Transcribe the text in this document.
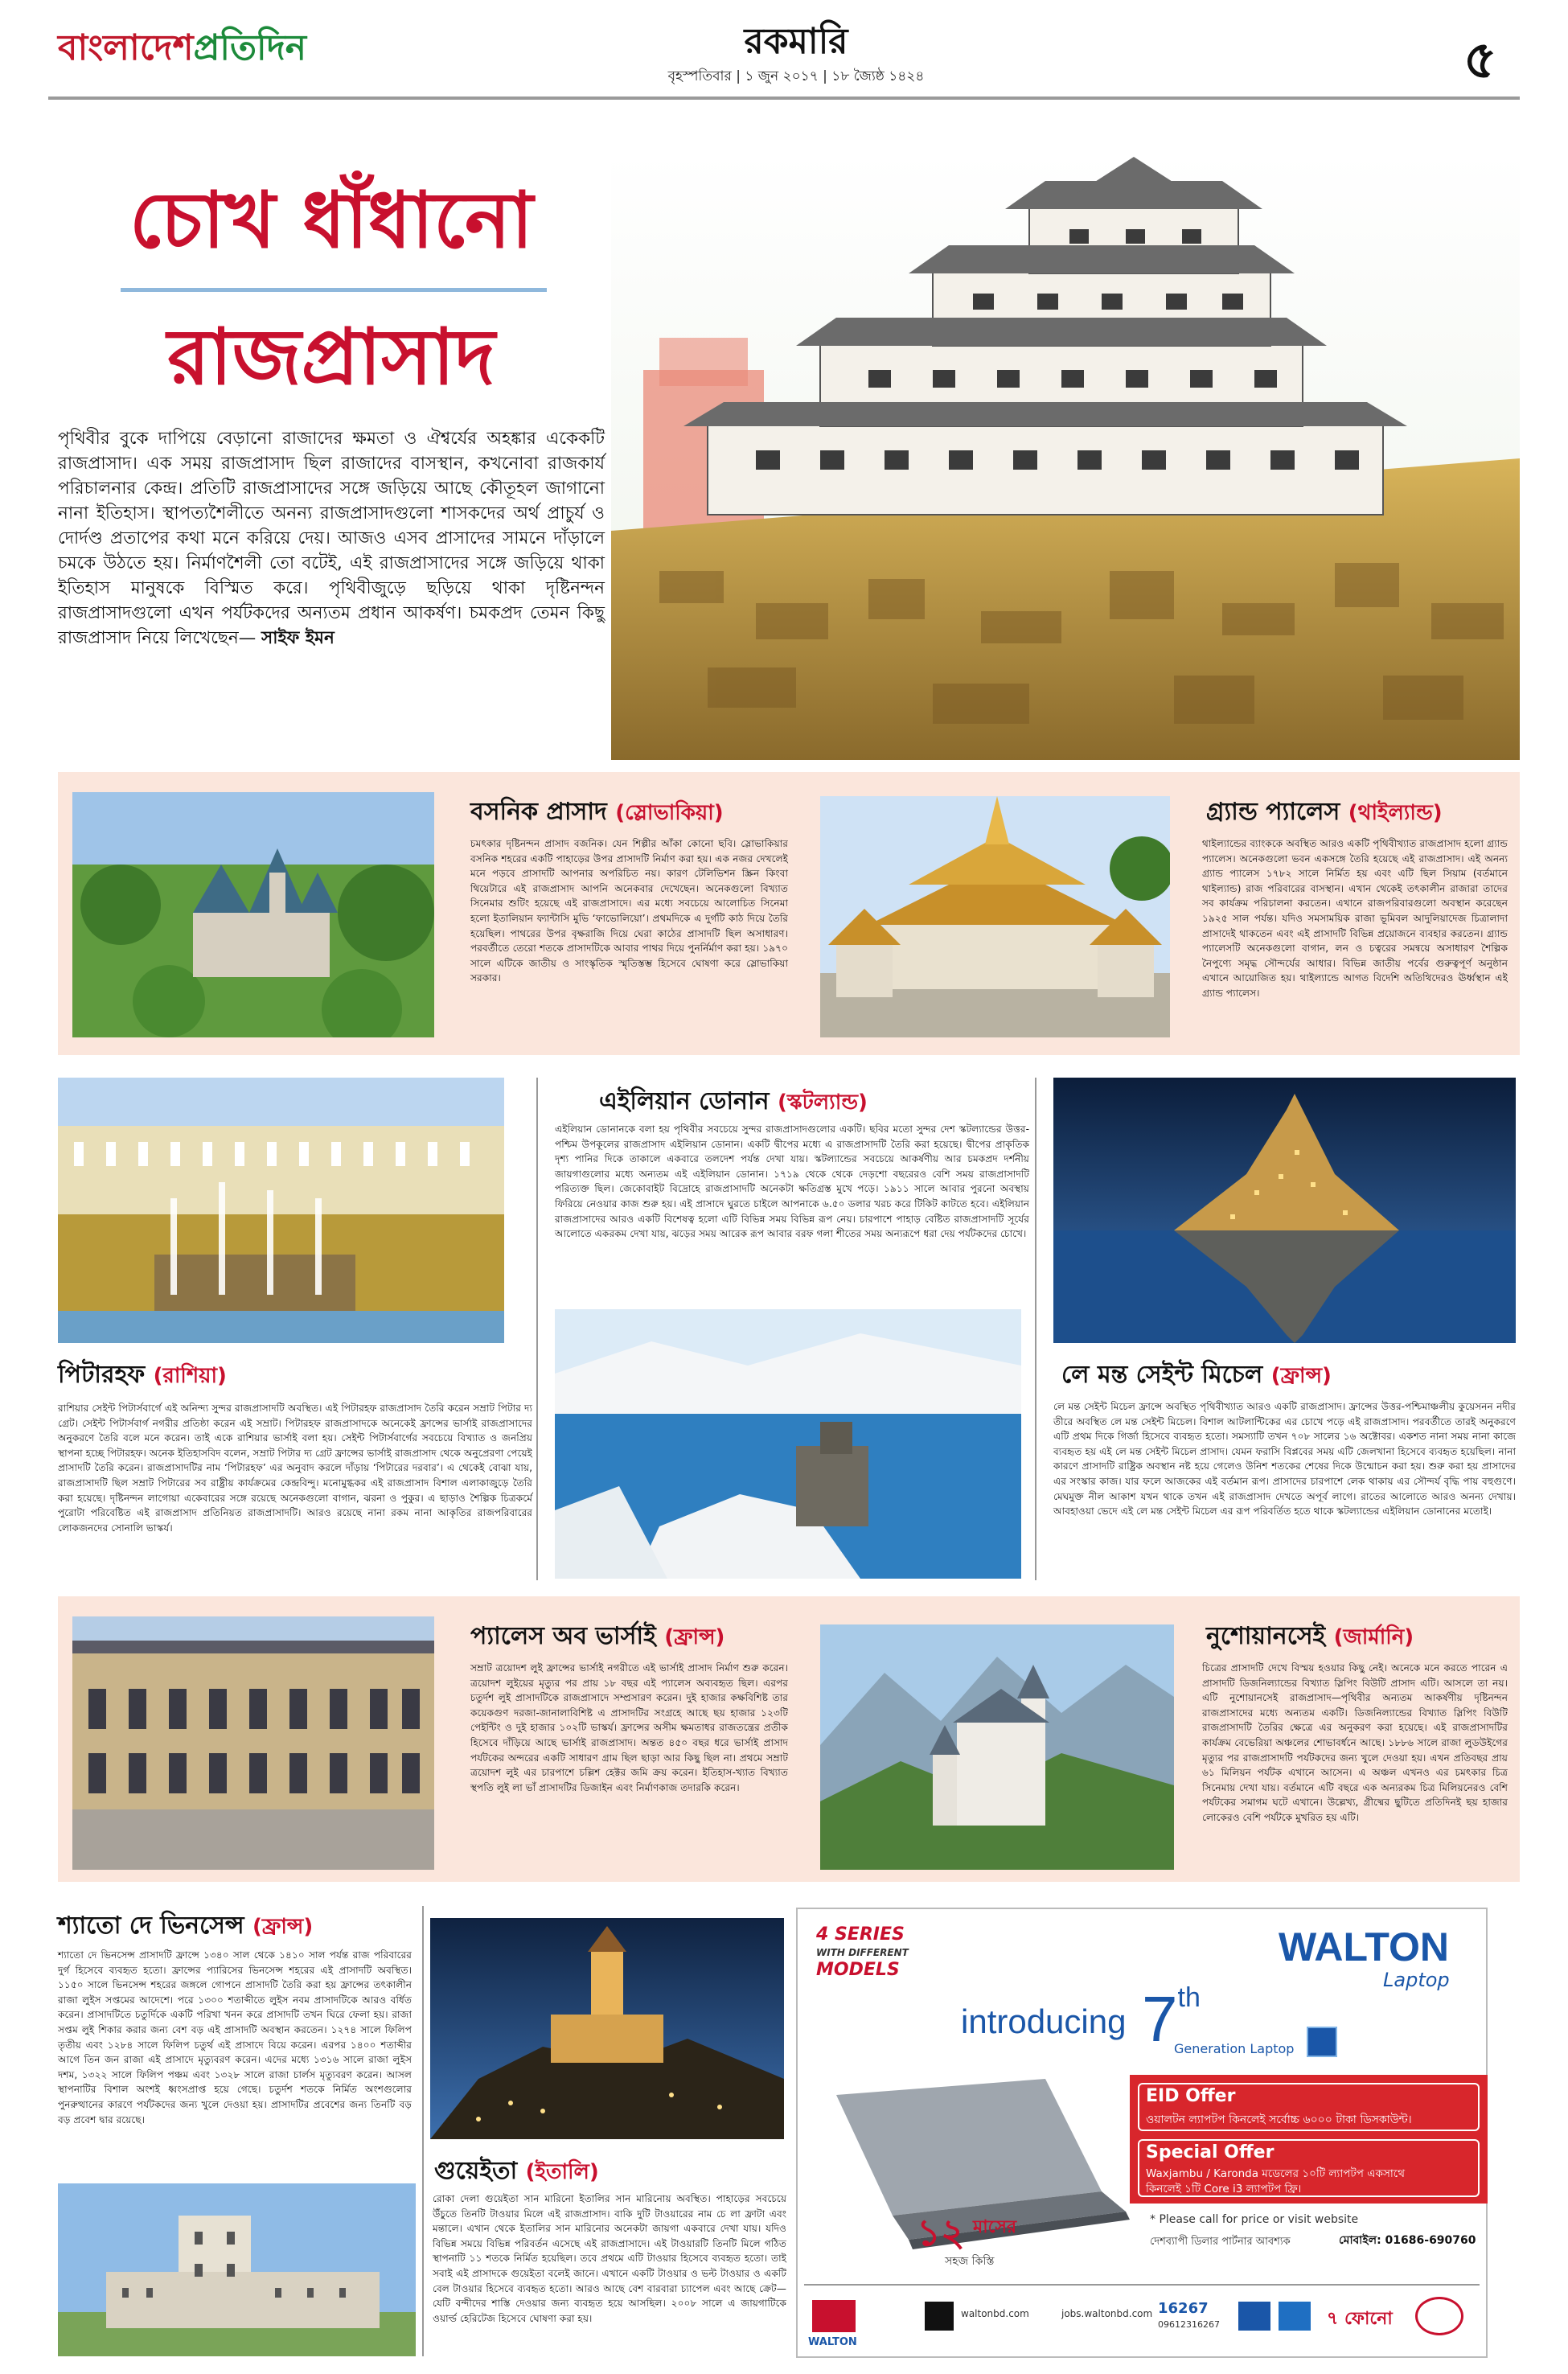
বাংলাদেশপ্রতিদিন	রকমারি
বৃহস্পতিবার | ১ জুন ২০১৭ | ১৮ জ্যৈষ্ঠ ১৪২৪	৫
চোখ ধাঁধানো
রাজপ্রাসাদ
পৃথিবীর বুকে দাপিয়ে বেড়ানো রাজাদের ক্ষমতা ও ঐশ্বর্যের অহঙ্কার একেকটি রাজপ্রাসাদ। এক সময় রাজপ্রাসাদ ছিল রাজাদের বাসস্থান, কখনোবা রাজকার্য পরিচালনার কেন্দ্র। প্রতিটি রাজপ্রাসাদের সঙ্গে জড়িয়ে আছে কৌতূহল জাগানো নানা ইতিহাস। স্থাপত্যশৈলীতে অনন্য রাজপ্রাসাদগুলো শাসকদের অর্থ প্রাচুর্য ও দোর্দণ্ড প্রতাপের কথা মনে করিয়ে দেয়। আজও এসব প্রাসাদের সামনে দাঁড়ালে চমকে উঠতে হয়। নির্মাণশৈলী তো বটেই, এই রাজপ্রাসাদের সঙ্গে জড়িয়ে থাকা ইতিহাস মানুষকে বিস্মিত করে। পৃথিবীজুড়ে ছড়িয়ে থাকা দৃষ্টিনন্দন রাজপ্রাসাদগুলো এখন পর্যটকদের অন্যতম প্রধান আকর্ষণ। চমকপ্রদ তেমন কিছু রাজপ্রাসাদ নিয়ে লিখেছেন— সাইফ ইমন
বসনিক প্রাসাদ (স্লোভাকিয়া)
চমৎকার দৃষ্টিনন্দন প্রাসাদ বজনিক। যেন শিল্পীর আঁকা কোনো ছবি। স্লোভাকিয়ার বসনিক শহরের একটি পাহাড়ের উপর প্রাসাদটি নির্মাণ করা হয়। এক নজর দেখলেই মনে পড়বে প্রাসাদটি আপনার অপরিচিত নয়। কারণ টেলিভিশন স্ক্রিন কিংবা থিয়েটারে এই রাজপ্রাসাদ আপনি অনেকবার দেখেছেন। অনেকগুলো বিখ্যাত সিনেমার শুটিং হয়েছে এই রাজপ্রাসাদে। এর মধ্যে সবচেয়ে আলোচিত সিনেমা হলো ইতালিয়ান ফ্যান্টাসি মুভি ‘ফাভোলিয়ো’। প্রথমদিকে এ দুর্গটি কাঠ দিয়ে তৈরি হয়েছিল। পাথরের উপর বৃক্ষরাজি দিয়ে ঘেরা কাঠের প্রাসাদটি ছিল অসাধারণ। পরবর্তীতে তেরো শতকে প্রাসাদটিকে আবার পাথর দিয়ে পুনর্নির্মাণ করা হয়। ১৯৭০ সালে এটিকে জাতীয় ও সাংস্কৃতিক স্মৃতিস্তম্ভ হিসেবে ঘোষণা করে স্লোভাকিয়া সরকার।
গ্র্যান্ড প্যালেস (থাইল্যান্ড)
থাইল্যান্ডের ব্যাংককে অবস্থিত আরও একটি পৃথিবীখ্যাত রাজপ্রাসাদ হলো গ্র্যান্ড প্যালেস। অনেকগুলো ভবন একসঙ্গে তৈরি হয়েছে এই রাজপ্রাসাদ। এই অনন্য গ্র্যান্ড প্যালেস ১৭৮২ সালে নির্মিত হয় এবং এটি ছিল সিয়াম (বর্তমানে থাইল্যান্ড) রাজ পরিবারের বাসস্থান। এখান থেকেই তৎকালীন রাজারা তাদের সব কার্যক্রম পরিচালনা করতেন। এখানে রাজপরিবারগুলো অবস্থান করেছেন ১৯২৫ সাল পর্যন্ত। যদিও সমসাময়িক রাজা ভূমিবল আদুলিয়াদেজ চিত্রালাদা প্রাসাদেই থাকতেন এবং এই প্রাসাদটি বিভিন্ন প্রয়োজনে ব্যবহার করতেন। গ্র্যান্ড প্যালেসটি অনেকগুলো বাগান, লন ও চত্বরের সমন্বয়ে অসাধারণ শৈল্পিক নৈপুণ্যে সমৃদ্ধ সৌন্দর্যের আধার। বিভিন্ন জাতীয় পর্বের গুরুত্বপূর্ণ অনুষ্ঠান এখানে আয়োজিত হয়। থাইল্যান্ডে আগত বিদেশি অতিথিদেরও ঊর্ধ্বস্থান এই গ্র্যান্ড প্যালেস।
পিটারহফ (রাশিয়া)
রাশিয়ার সেইন্ট পিটার্সবার্গে এই অনিন্দ্য সুন্দর রাজপ্রাসাদটি অবস্থিত। এই পিটারহফ রাজপ্রাসাদ তৈরি করেন সম্রাট পিটার দ্য গ্রেট। সেইন্ট পিটার্সবার্গ নগরীর প্রতিষ্ঠা করেন এই সম্রাট। পিটারহফ রাজপ্রাসাদকে অনেকেই ফ্রান্সের ভার্সাই রাজপ্রাসাদের অনুকরণে তৈরি বলে মনে করেন। তাই একে রাশিয়ার ভার্সাই বলা হয়। সেইন্ট পিটার্সবার্গের সবচেয়ে বিখ্যাত ও জনপ্রিয় স্থাপনা হচ্ছে পিটারহফ। অনেক ইতিহাসবিদ বলেন, সম্রাট পিটার দ্য গ্রেট ফ্রান্সের ভার্সাই রাজপ্রাসাদ থেকে অনুপ্রেরণা পেয়েই প্রাসাদটি তৈরি করেন। রাজপ্রাসাদটির নাম ‘পিটারহফ’ এর অনুবাদ করলে দাঁড়ায় ‘পিটারের দরবার’। এ থেকেই বোঝা যায়, রাজপ্রাসাদটি ছিল সম্রাট পিটারের সব রাষ্ট্রীয় কার্যক্রমের কেন্দ্রবিন্দু। মনোমুগ্ধকর এই রাজপ্রাসাদ বিশাল এলাকাজুড়ে তৈরি করা হয়েছে। দৃষ্টিনন্দন লাগোয়া একেবারের সঙ্গে রয়েছে অনেকগুলো বাগান, ঝরনা ও পুকুর। এ ছাড়াও শৈল্পিক চিত্রকর্মে পুরোটা পরিবেষ্টিত এই রাজপ্রাসাদ প্রতিনিয়ত রাজপ্রাসাদটি। আরও রয়েছে নানা রকম নানা আকৃতির রাজপরিবারের লোকজনদের সোনালি ভাস্কর্য।
এইলিয়ান ডোনান (স্কটল্যান্ড)
এইলিয়ান ডোনানকে বলা হয় পৃথিবীর সবচেয়ে সুন্দর রাজপ্রাসাদগুলোর একটি। ছবির মতো সুন্দর দেশ স্কটল্যান্ডের উত্তর-পশ্চিম উপকূলের রাজপ্রাসাদ এইলিয়ান ডোনান। একটি দ্বীপের মধ্যে এ রাজপ্রাসাদটি তৈরি করা হয়েছে। দ্বীপের প্রাকৃতিক দৃশ্য পানির দিকে তাকালে একবারে তলদেশ পর্যন্ত দেখা যায়। স্কটল্যান্ডের সবচেয়ে আকর্ষণীয় আর চমকপ্রদ দর্শনীয় জায়গাগুলোর মধ্যে অন্যতম এই এইলিয়ান ডোনান। ১৭১৯ থেকে থেকে দেড়শো বছরেরও বেশি সময় রাজপ্রাসাদটি পরিত্যক্ত ছিল। জেকোবাইট বিদ্রোহে রাজপ্রাসাদটি অনেকটা ক্ষতিগ্রস্ত মুখে পড়ে। ১৯১১ সালে আবার পুরনো অবস্থায় ফিরিয়ে নেওয়ার কাজ শুরু হয়। এই প্রাসাদে ঘুরতে চাইলে আপনাকে ৬.৫০ ডলার খরচ করে টিকিট কাটতে হবে। এইলিয়ান রাজপ্রাসাদের আরও একটি বিশেষত্ব হলো এটি বিভিন্ন সময় বিভিন্ন রূপ নেয়। চারপাশে পাহাড় বেষ্টিত রাজপ্রাসাদটি সূর্যের আলোতে একরকম দেখা যায়, ঝড়ের সময় আরেক রূপ আবার বরফ গলা শীতের সময় অন্যরূপে ধরা দেয় পর্যটকদের চোখে।
লে মন্ত সেইন্ট মিচেল (ফ্রান্স)
লে মন্ত সেইন্ট মিচেল ফ্রান্সে অবস্থিত পৃথিবীখ্যাত আরও একটি রাজপ্রাসাদ। ফ্রান্সের উত্তর-পশ্চিমাঞ্চলীয় কুয়েসনন নদীর তীরে অবস্থিত লে মন্ত সেইন্ট মিচেল। বিশাল আটলান্টিকের এর চোখে পড়ে এই রাজপ্রাসাদ। পরবর্তীতে তারই অনুকরণে এটি প্রথম দিকে গির্জা হিসেবে ব্যবহৃত হতো। সমস্যাটি তখন ৭০৮ সালের ১৬ অক্টোবর। একশত নানা সময় নানা কাজে ব্যবহৃত হয় এই লে মন্ত সেইন্ট মিচেল প্রাসাদ। যেমন ফরাসি বিপ্লবের সময় এটি জেলখানা হিসেবে ব্যবহৃত হয়েছিল। নানা কারণে প্রাসাদটি রাষ্ট্রিক অবস্থান নষ্ট হয়ে গেলেও উনিশ শতকের শেষের দিকে উন্মোচন করা হয়। শুরু করা হয় প্রাসাদের এর সংস্কার কাজ। যার ফলে আজকের এই বর্তমান রূপ। প্রাসাদের চারপাশে লেক থাকায় এর সৌন্দর্য বৃদ্ধি পায় বহুগুণে। মেঘমুক্ত নীল আকাশ যখন থাকে তখন এই রাজপ্রাসাদ দেখতে অপূর্ব লাগে। রাতের আলোতে আরও অনন্য দেখায়। আবহাওয়া ভেদে এই লে মন্ত সেইন্ট মিচেল এর রূপ পরিবর্তিত হতে থাকে স্কটল্যান্ডের এইলিয়ান ডোনানের মতোই।
প্যালেস অব ভার্সাই (ফ্রান্স)
সম্রাট ত্রয়োদশ লুই ফ্রান্সের ভার্সাই নগরীতে এই ভার্সাই প্রাসাদ নির্মাণ শুরু করেন। ত্রয়োদশ লুইয়ের মৃত্যুর পর প্রায় ১৮ বছর এই প্যালেস অব্যবহৃত ছিল। এরপর চতুর্দশ লুই প্রাসাদটিকে রাজপ্রাসাদে সম্প্রসারণ করেন। দুই হাজার কক্ষবিশিষ্ট তার কয়েকগুণ দরজা-জানালাবিশিষ্ট এ প্রাসাদটির সংগ্রহে আছে ছয় হাজার ১২৩টি পেইন্টিং ও দুই হাজার ১০২টি ভাস্কর্য। ফ্রান্সের অসীম ক্ষমতাধর রাজতন্ত্রের প্রতীক হিসেবে দাঁড়িয়ে আছে ভার্সাই রাজপ্রাসাদ। অন্তত ৪৫০ বছর ধরে ভার্সাই প্রাসাদ পর্যটকের অন্দরের একটি সাধারণ গ্রাম ছিল ছাড়া আর কিছু ছিল না। প্রথমে সম্রাট ত্রয়োদশ লুই এর চারপাশে চল্লিশ হেক্টর জমি ক্রয় করেন। ইতিহাস-খ্যাত বিখ্যাত স্থপতি লুই লা ভাঁ প্রাসাদটির ডিজাইন এবং নির্মাণকাজ তদারকি করেন।
নুশোয়ানসেই (জার্মানি)
চিত্রের প্রাসাদটি দেখে বিস্ময় হওয়ার কিছু নেই। অনেকে মনে করতে পারেন এ প্রাসাদটি ডিজনিল্যান্ডের বিখ্যাত স্লিপিং বিউটি প্রাসাদ এটি। আসলে তা নয়। এটি নুশোয়ানসেই রাজপ্রাসাদ—পৃথিবীর অন্যতম আকর্ষণীয় দৃষ্টিনন্দন রাজপ্রাসাদের মধ্যে অন্যতম একটি। ডিজনিল্যান্ডের বিখ্যাত স্লিপিং বিউটি রাজপ্রাসাদটি তৈরির ক্ষেত্রে এর অনুকরণ করা হয়েছে। এই রাজপ্রাসাদটির কার্যক্রম বেভেরিয়া অঞ্চলের শোভাবর্ধনে আছে। ১৮৮৬ সালে রাজা লুডউইগের মৃত্যুর পর রাজপ্রাসাদটি পর্যটকদের জন্য খুলে দেওয়া হয়। এখন প্রতিবছর প্রায় ৬১ মিলিয়ন পর্যটক এখানে আসেন। এ অঞ্চল এখনও এর চমৎকার চিত্র সিনেমায় দেখা যায়। বর্তমানে এটি বছরে এক অন্যরকম চিত্র মিলিয়নেরও বেশি পর্যটকের সমাগম ঘটে এখানে। উল্লেখ্য, গ্রীষ্মের ছুটিতে প্রতিদিনই ছয় হাজার লোকেরও বেশি পর্যটকে মুখরিত হয় এটি।
শ্যাতো দে ভিনসেন্স (ফ্রান্স)
শ্যাতো দে ভিনসেন্স প্রাসাদটি ফ্রান্সে ১৩৪০ সাল থেকে ১৪১০ সাল পর্যন্ত রাজ পরিবারের দুর্গ হিসেবে ব্যবহৃত হতো। ফ্রান্সের প্যারিসের ভিনসেন্স শহরের এই প্রাসাদটি অবস্থিত। ১১৫০ সালে ভিনসেন্স শহরের জঙ্গলে গোপনে প্রাসাদটি তৈরি করা হয় ফ্রান্সের তৎকালীন রাজা লুইস সপ্তমের আদেশে। পরে ১৩০০ শতাব্দীতে লুইস নবম প্রাসাদটিকে আরও বর্ধিত করেন। প্রাসাদটিতে চতুর্দিকে একটি পরিখা খনন করে প্রাসাদটি তখন ঘিরে ফেলা হয়। রাজা সপ্তম লুই শিকার করার জন্য বেশ বড় এই প্রাসাদটি অবস্থান করতেন। ১২৭৪ সালে ফিলিপ তৃতীয় এবং ১২৮৪ সালে ফিলিপ চতুর্থ এই প্রাসাদে বিয়ে করেন। এরপর ১৪০০ শতাব্দীর আগে তিন জন রাজা এই প্রাসাদে মৃত্যুবরণ করেন। এদের মধ্যে ১৩১৬ সালে রাজা লুইস দশম, ১৩২২ সালে ফিলিপ পঞ্চম এবং ১৩২৮ সালে রাজা চার্লস মৃত্যুবরণ করেন। আসল স্থাপনাটির বিশাল অংশই ধ্বংসপ্রাপ্ত হয়ে গেছে। চতুর্দশ শতকে নির্মিত অংশগুলোর পুনরুত্থানের কারণে পর্যটকদের জন্য খুলে দেওয়া হয়। প্রাসাদটির প্রবেশের জন্য তিনটি বড় বড় প্রবেশ দ্বার রয়েছে।
গুয়েইতা (ইতালি)
রোকা দেলা গুয়েইতা সান মারিনো ইতালির সান মারিনোয় অবস্থিত। পাহাড়ের সবচেয়ে উঁচুতে তিনটি টাওয়ার মিলে এই রাজপ্রাসাদ। বাকি দুটি টাওয়ারের নাম চে লা ফ্রাটা এবং মন্তালে। এখান থেকে ইতালির সান মারিনোর অনেকটা জায়গা একবারে দেখা যায়। যদিও বিভিন্ন সময়ে বিভিন্ন পরিবর্তন এসেছে এই রাজপ্রাসাদে। এই টাওয়ারটি তিনটি মিলে গঠিত স্থাপনাটি ১১ শতকে নির্মিত হয়েছিল। তবে প্রথমে এটি টাওয়ার হিসেবে ব্যবহৃত হতো। তাই সবাই এই প্রাসাদকে গুয়েইতা বলেই জানে। এখানে একটি টাওয়ার ও ভল্ট টাওয়ার ও একটি বেল টাওয়ার হিসেবে ব্যবহৃত হতো। আরও আছে বেশ বারবারা চ্যাপেল এবং আছে ক্রেট—যেটি বন্দীদের শাস্তি দেওয়ার জন্য ব্যবহৃত হয়ে আসছিল। ২০০৮ সালে এ জায়গাটিকে ওয়ার্ল্ড হেরিটেজ হিসেবে ঘোষণা করা হয়।
4 SERIES
WITH DIFFERENT
MODELS
WALTON
Laptop
introducing 7th
Generation Laptop
EID Offer
ওয়ালটন ল্যাপটপ কিনলেই সর্বোচ্চ ৬০০০ টাকা ডিসকাউন্ট।
Special Offer
Waxjambu / Karonda মডেলের ১০টি ল্যাপটপ একসাথে
কিনলেই ১টি Core i3 ল্যাপটপ ফ্রি।
১২ মাসের
সহজ কিস্তি
* Please call for price or visit website
দেশব্যাপী ডিলার পার্টনার আবশ্যক	মোবাইল: 01686-690760
WALTON
waltonbd.com	jobs.waltonbd.com 16267
09612316267	৭ ফোনো
